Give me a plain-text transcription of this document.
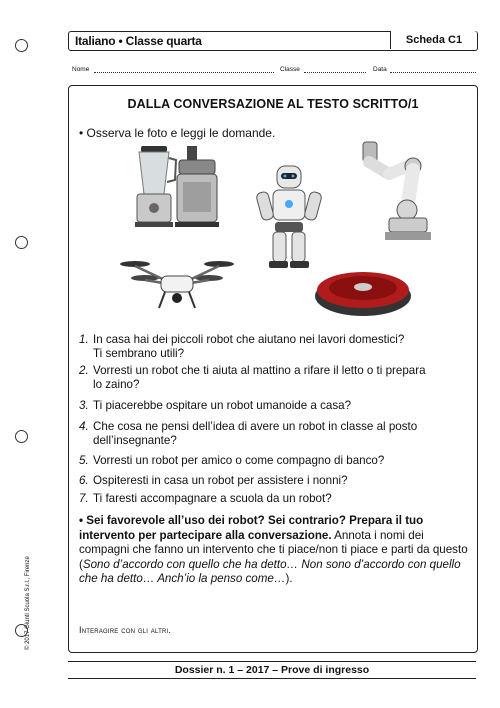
Italiano • Classe quarta	Scheda C1
Nome	Classe	Data
DALLA CONVERSAZIONE AL TESTO SCRITTO/1
• Osserva le foto e leggi le domande.
1. In casa hai dei piccoli robot che aiutano nei lavori domestici?
Ti sembrano utili?
2. Vorresti un robot che ti aiuta al mattino a rifare il letto o ti prepara
lo zaino?
3. Ti piacerebbe ospitare un robot umanoide a casa?
4. Che cosa ne pensi dell’idea di avere un robot in classe al posto
dell’insegnante?
5. Vorresti un robot per amico o come compagno di banco?
6. Ospiteresti in casa un robot per assistere i nonni?
7. Ti faresti accompagnare a scuola da un robot?
• Sei favorevole all’uso dei robot? Sei contrario? Prepara il tuo intervento per partecipare alla conversazione. Annota i nomi dei compagni che fanno un intervento che ti piace/non ti piace e parti da questo (Sono d’accordo con quello che ha detto… Non sono d’accordo con quello che ha detto… Anch’io la penso come…).
Interagire con gli altri.
© 2017 Giunti Scuola S.r.l., Firenze
Dossier n. 1 – 2017 – Prove di ingresso
